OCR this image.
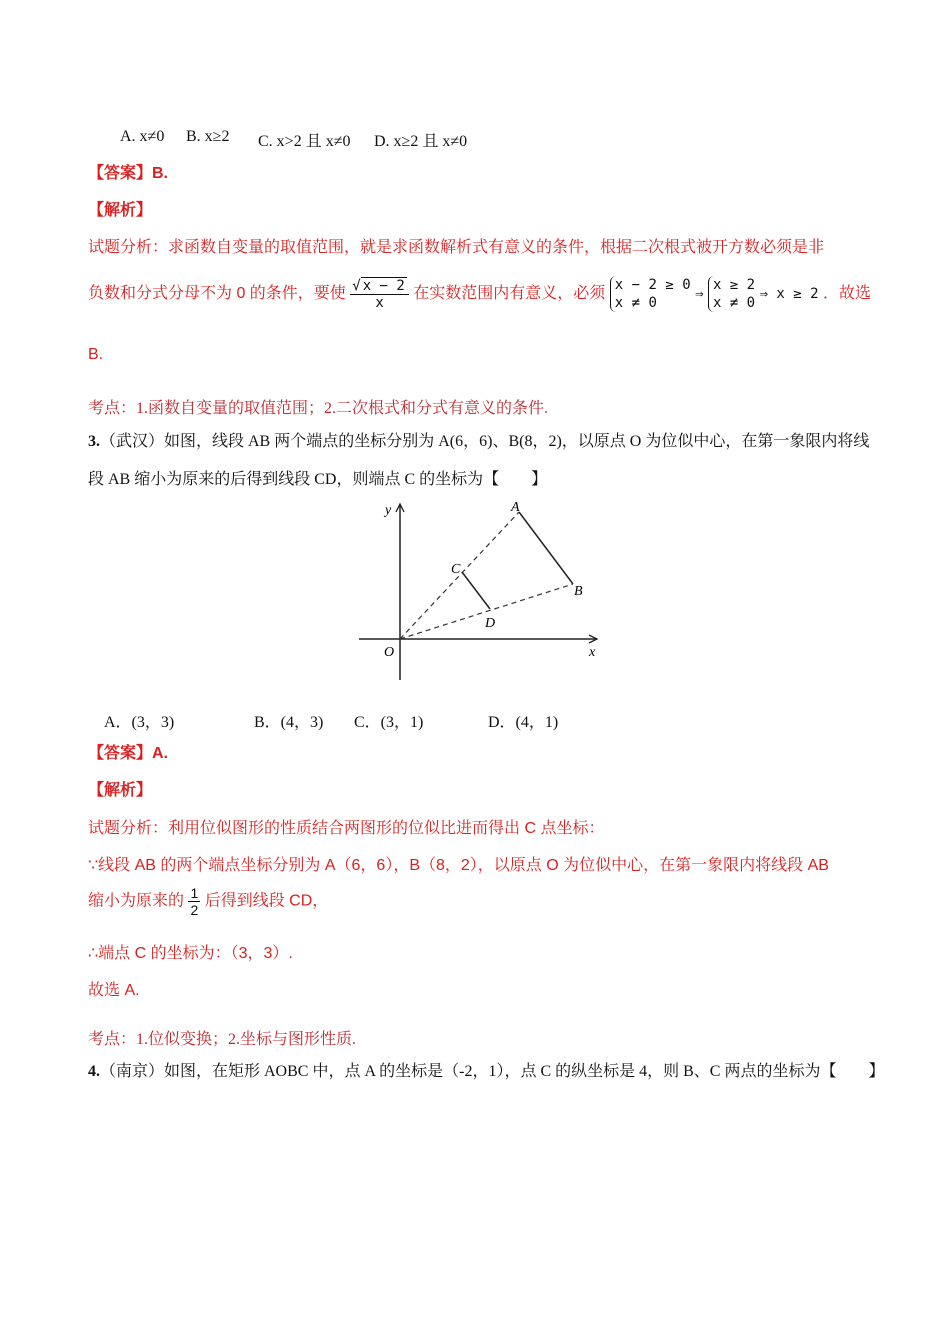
A. x≠0 B. x≥2 C. x>2 且 x≠0 D. x≥2 且 x≠0
【答案】B.
【解析】
试题分析：求函数自变量的取值范围，就是求函数解析式有意义的条件，根据二次根式被开方数必须是非
负数和分式分母不为 0 的条件，要使 $\frac{√ x - 2}{x}$ 在实数范围内有意义，必须
x − 2 ≥ 0
x ≠ 0
⇒
x ≥ 2
x ≠ 0
⇒ x ≥ 2 ．故选
B.
考点：1.函数自变量的取值范围；2.二次根式和分式有意义的条件.
3.（武汉）如图，线段 AB 两个端点的坐标分别为 A(6，6)、B(8，2)，以原点 O 为位似中心，在第一象限内将线
段 AB 缩小为原来的后得到线段 CD，则端点 C 的坐标为【　　】
y
x
O
A
B
C
D
A．(3，3)	B．(4，3) C．(3，1)	D．(4，1)
【答案】A.
【解析】
试题分析：利用位似图形的性质结合两图形的位似比进而得出 C 点坐标：
∵线段 AB 的两个端点坐标分别为 A（6，6），B（8，2），以原点 O 为位似中心，在第一象限内将线段 AB
缩小为原来的 $\frac{1}{2}$ 后得到线段 CD，
∴端点 C 的坐标为：（3，3）.
故选 A.
考点：1.位似变换；2.坐标与图形性质.
4.（南京）如图，在矩形 AOBC 中，点 A 的坐标是（-2，1），点 C 的纵坐标是 4，则 B、C 两点的坐标为【　　】
